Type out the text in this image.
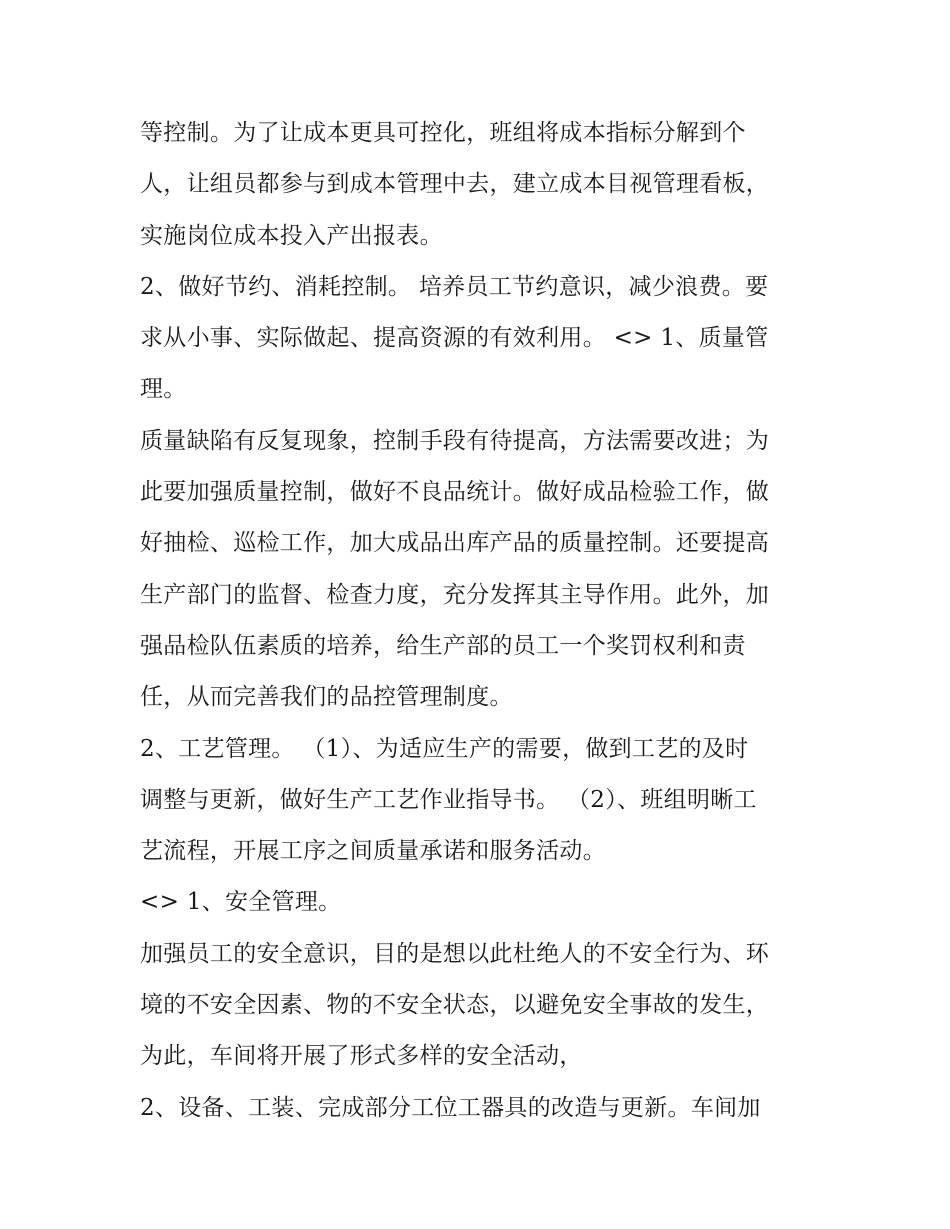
等控制。为了让成本更具可控化，班组将成本指标分解到个
人，让组员都参与到成本管理中去，建立成本目视管理看板，
实施岗位成本投入产出报表。
2、做好节约、消耗控制。 培养员工节约意识，减少浪费。要
求从小事、实际做起、提高资源的有效利用。 <> 1、质量管
理。
质量缺陷有反复现象，控制手段有待提高，方法需要改进；为
此要加强质量控制，做好不良品统计。做好成品检验工作，做
好抽检、巡检工作，加大成品出库产品的质量控制。还要提高
生产部门的监督、检查力度，充分发挥其主导作用。此外，加
强品检队伍素质的培养，给生产部的员工一个奖罚权利和责
任，从而完善我们的品控管理制度。
2、工艺管理。 （1）、为适应生产的需要，做到工艺的及时
调整与更新，做好生产工艺作业指导书。 （2）、班组明晰工
艺流程，开展工序之间质量承诺和服务活动。
<> 1、安全管理。
加强员工的安全意识，目的是想以此杜绝人的不安全行为、环
境的不安全因素、物的不安全状态，以避免安全事故的发生，
为此，车间将开展了形式多样的安全活动，
2、设备、工装、完成部分工位工器具的改造与更新。车间加
